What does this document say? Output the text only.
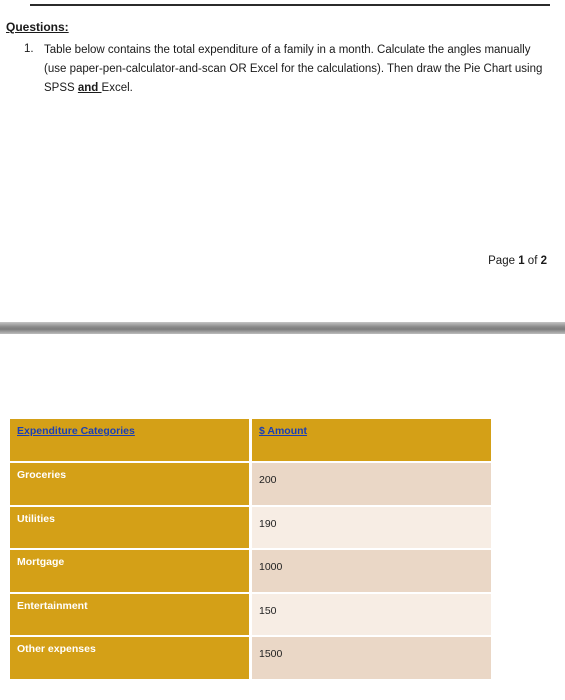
Questions:
1. Table below contains the total expenditure of a family in a month. Calculate the angles manually (use paper-pen-calculator-and-scan OR Excel for the calculations). Then draw the Pie Chart using SPSS and Excel.
Page 1 of 2
Expenditure Categories	$ Amount
Groceries	200
Utilities	190
Mortgage	1000
Entertainment	150
Other expenses	1500
